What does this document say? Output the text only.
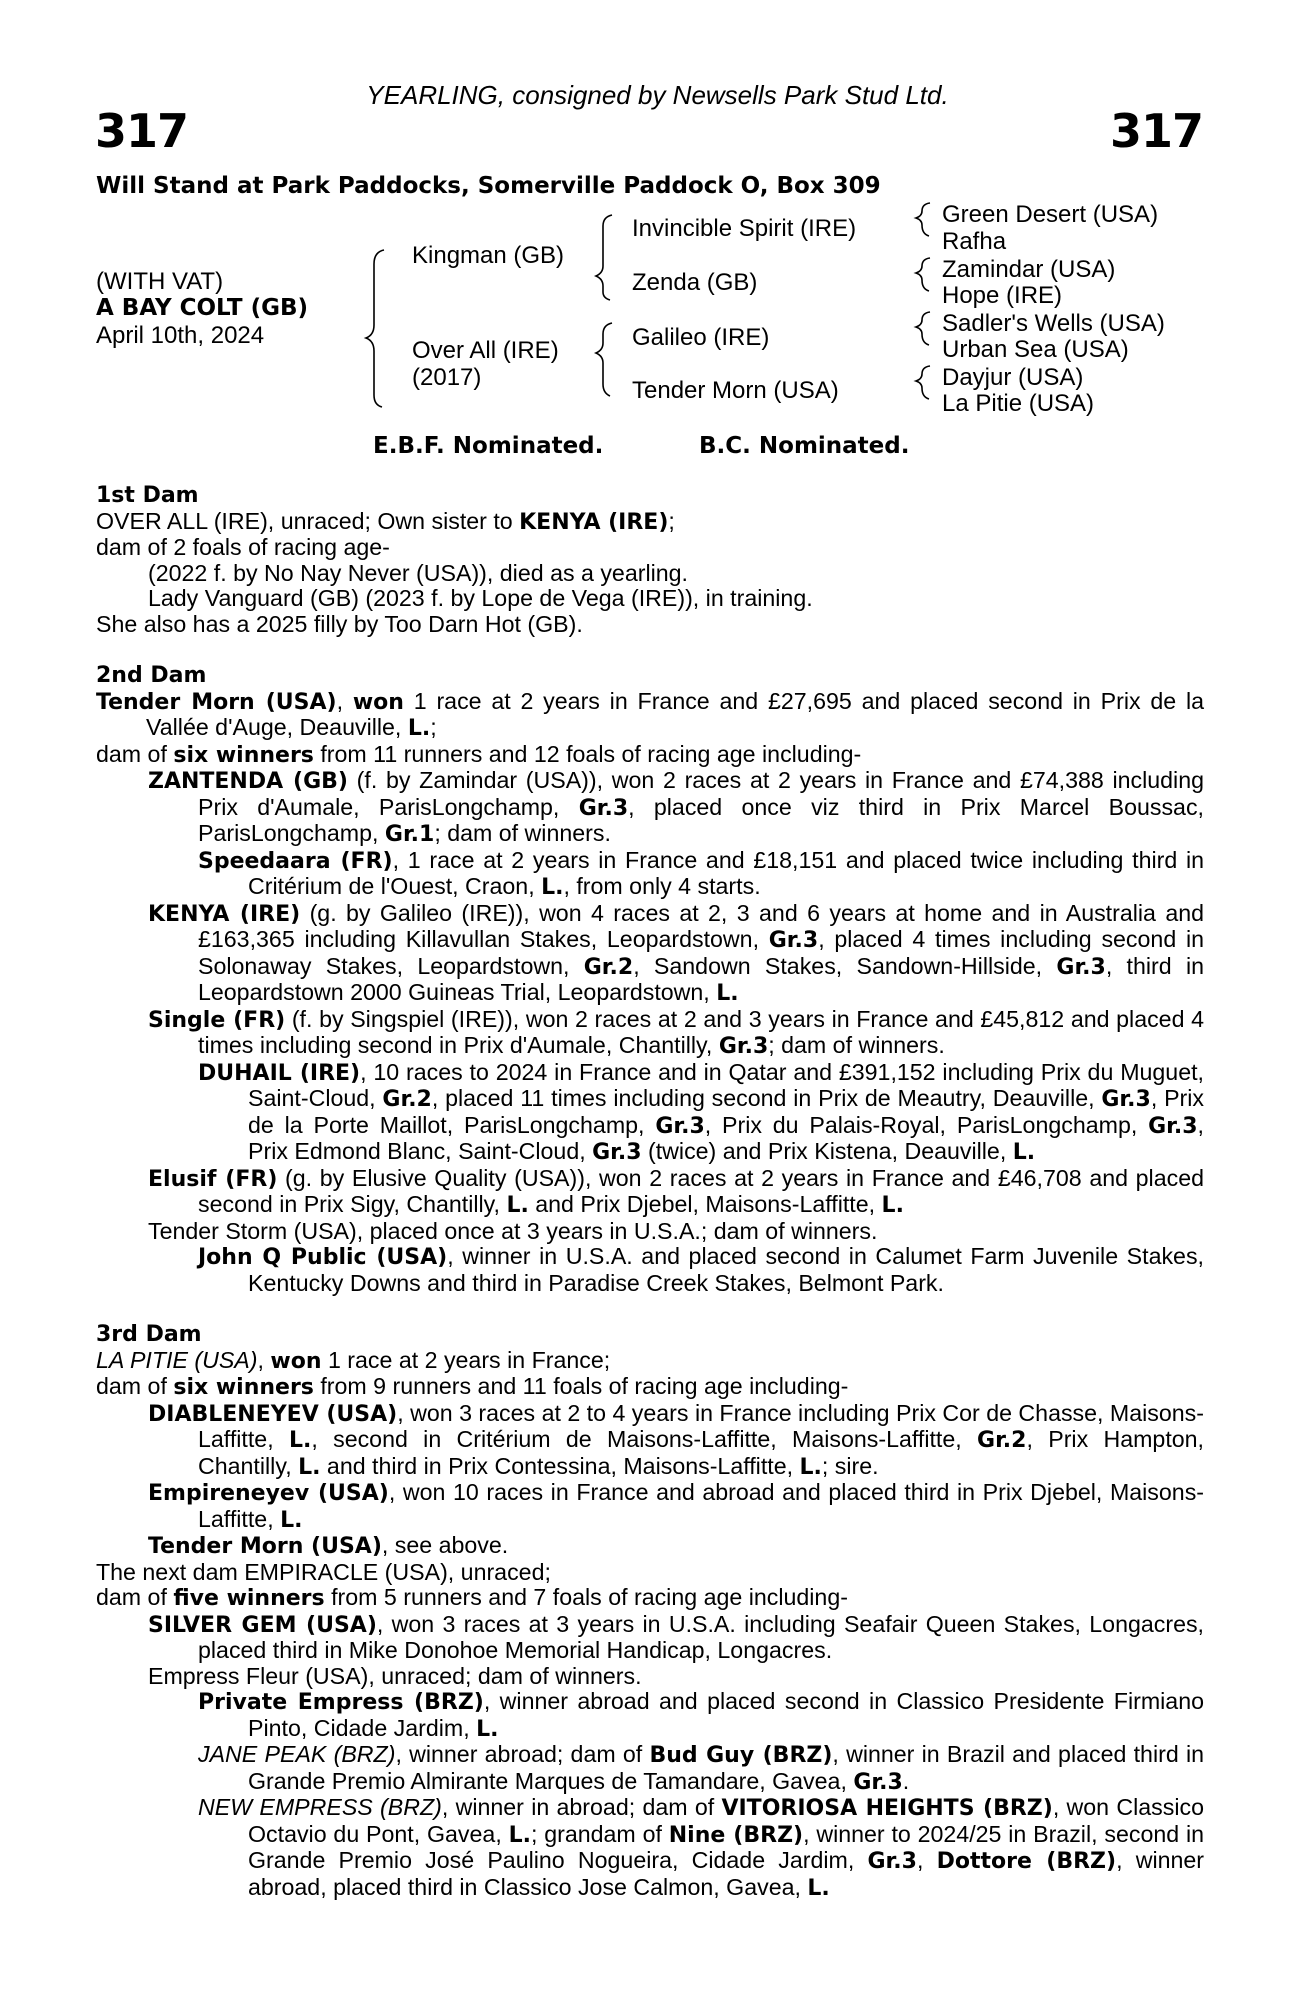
YEARLING, consigned by Newsells Park Stud Ltd.
317	317
Will Stand at Park Paddocks, Somerville Paddock O, Box 309
(WITH VAT)
A BAY COLT (GB)
April 10th, 2024
Kingman (GB)
Over All (IRE)
(2017)
Invincible Spirit (IRE)
Zenda (GB)
Galileo (IRE)
Tender Morn (USA)
Green Desert (USA)
Rafha
Zamindar (USA)
Hope (IRE)
Sadler's Wells (USA)
Urban Sea (USA)
Dayjur (USA)
La Pitie (USA)
E.B.F. Nominated.	B.C. Nominated.

1st Dam

OVER ALL (IRE), unraced; Own sister to KENYA (IRE);

dam of 2 foals of racing age-

(2022 f. by No Nay Never (USA)), died as a yearling.

Lady Vanguard (GB) (2023 f. by Lope de Vega (IRE)), in training.

She also has a 2025 filly by Too Darn Hot (GB).

2nd Dam

Tender Morn (USA), won 1 race at 2 years in France and £27,695 and placed second in Prix de la Vallée d'Auge, Deauville, L.;

dam of six winners from 11 runners and 12 foals of racing age including-

ZANTENDA (GB) (f. by Zamindar (USA)), won 2 races at 2 years in France and £74,388 including Prix d'Aumale, ParisLongchamp, Gr.3, placed once viz third in Prix Marcel Boussac, ParisLongchamp, Gr.1; dam of winners.

Speedaara (FR), 1 race at 2 years in France and £18,151 and placed twice including third in Critérium de l'Ouest, Craon, L., from only 4 starts.

KENYA (IRE) (g. by Galileo (IRE)), won 4 races at 2, 3 and 6 years at home and in Australia and £163,365 including Killavullan Stakes, Leopardstown, Gr.3, placed 4 times including second in Solonaway Stakes, Leopardstown, Gr.2, Sandown Stakes, Sandown-Hillside, Gr.3, third in Leopardstown 2000 Guineas Trial, Leopardstown, L.

Single (FR) (f. by Singspiel (IRE)), won 2 races at 2 and 3 years in France and £45,812 and placed 4 times including second in Prix d'Aumale, Chantilly, Gr.3; dam of winners.

DUHAIL (IRE), 10 races to 2024 in France and in Qatar and £391,152 including Prix du Muguet, Saint-Cloud, Gr.2, placed 11 times including second in Prix de Meautry, Deauville, Gr.3, Prix de la Porte Maillot, ParisLongchamp, Gr.3, Prix du Palais-Royal, ParisLongchamp, Gr.3, Prix Edmond Blanc, Saint-Cloud, Gr.3 (twice) and Prix Kistena, Deauville, L.

Elusif (FR) (g. by Elusive Quality (USA)), won 2 races at 2 years in France and £46,708 and placed second in Prix Sigy, Chantilly, L. and Prix Djebel, Maisons-Laffitte, L.

Tender Storm (USA), placed once at 3 years in U.S.A.; dam of winners.

John Q Public (USA), winner in U.S.A. and placed second in Calumet Farm Juvenile Stakes, Kentucky Downs and third in Paradise Creek Stakes, Belmont Park.

3rd Dam

LA PITIE (USA), won 1 race at 2 years in France;

dam of six winners from 9 runners and 11 foals of racing age including-

DIABLENEYEV (USA), won 3 races at 2 to 4 years in France including Prix Cor de Chasse, Maisons-Laffitte, L., second in Critérium de Maisons-Laffitte, Maisons-Laffitte, Gr.2, Prix Hampton, Chantilly, L. and third in Prix Contessina, Maisons-Laffitte, L.; sire.

Empireneyev (USA), won 10 races in France and abroad and placed third in Prix Djebel, Maisons-Laffitte, L.

Tender Morn (USA), see above.

The next dam EMPIRACLE (USA), unraced;

dam of five winners from 5 runners and 7 foals of racing age including-

SILVER GEM (USA), won 3 races at 3 years in U.S.A. including Seafair Queen Stakes, Longacres, placed third in Mike Donohoe Memorial Handicap, Longacres.

Empress Fleur (USA), unraced; dam of winners.

Private Empress (BRZ), winner abroad and placed second in Classico Presidente Firmiano Pinto, Cidade Jardim, L.

JANE PEAK (BRZ), winner abroad; dam of Bud Guy (BRZ), winner in Brazil and placed third in Grande Premio Almirante Marques de Tamandare, Gavea, Gr.3.

NEW EMPRESS (BRZ), winner in abroad; dam of VITORIOSA HEIGHTS (BRZ), won Classico Octavio du Pont, Gavea, L.; grandam of Nine (BRZ), winner to 2024/25 in Brazil, second in Grande Premio José Paulino Nogueira, Cidade Jardim, Gr.3, Dottore (BRZ), winner abroad, placed third in Classico Jose Calmon, Gavea, L.
